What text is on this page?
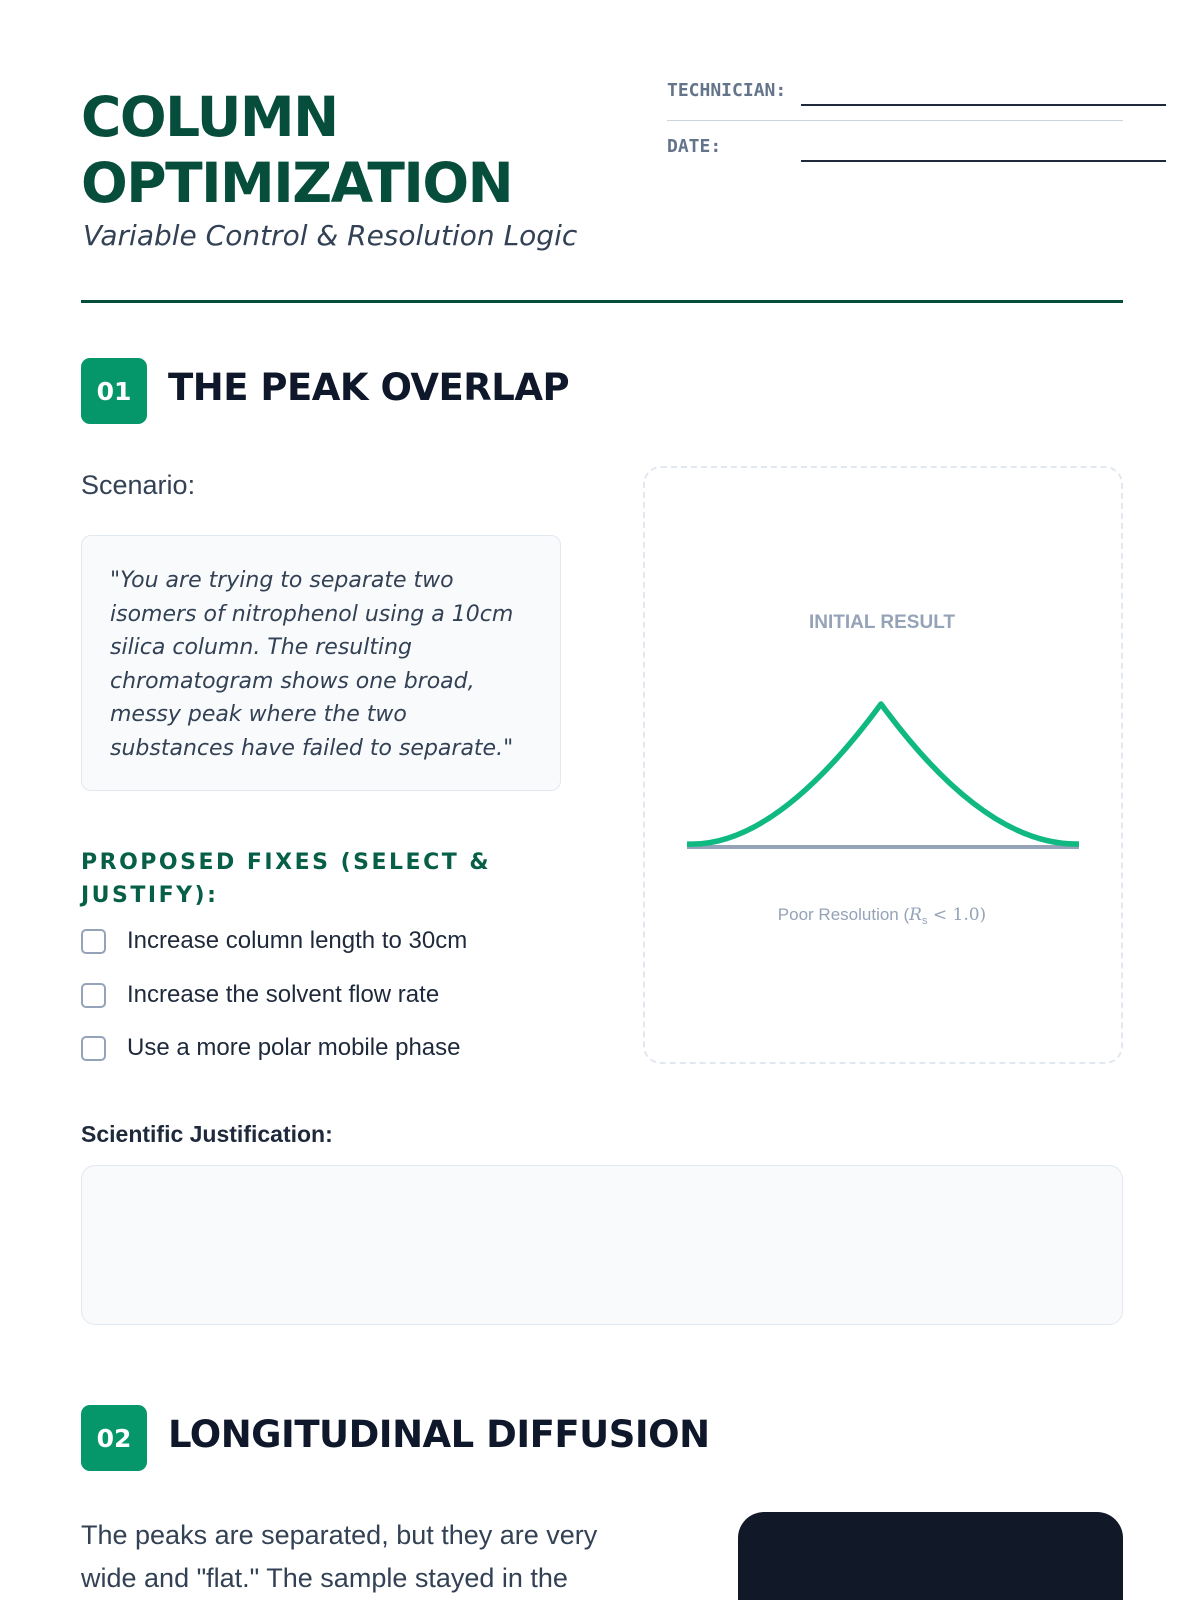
COLUMN
OPTIMIZATION
Variable Control & Resolution Logic
TECHNICIAN:
DATE:
01 THE PEAK OVERLAP
Scenario:

"You are trying to separate two isomers of nitrophenol using a 10cm silica column. The resulting chromatogram shows one broad, messy peak where the two substances have failed to separate."

PROPOSED FIXES (SELECT & JUSTIFY):
Increase column length to 30cm
Increase the solvent flow rate
Use a more polar mobile phase
INITIAL RESULT
Poor Resolution $(R_s < 1.0)$
Scientific Justification:
02 LONGITUDINAL DIFFUSION
The peaks are separated, but they are very
wide and "flat." The sample stayed in the
